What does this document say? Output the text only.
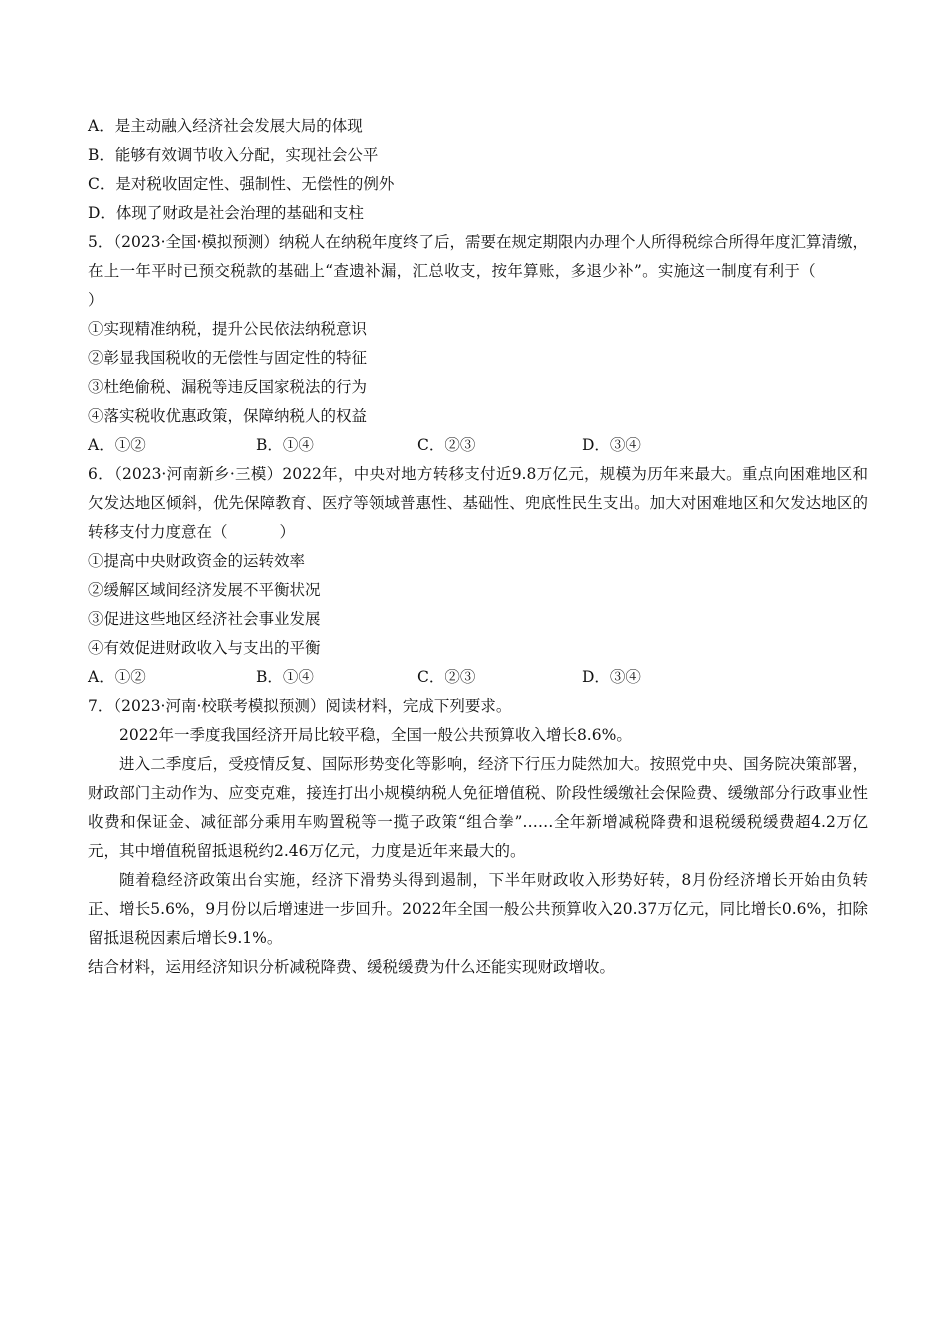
A．是主动融入经济社会发展大局的体现
B．能够有效调节收入分配，实现社会公平
C．是对税收固定性、强制性、无偿性的例外
D．体现了财政是社会治理的基础和支柱
5．（2023·全国·模拟预测）纳税人在纳税年度终了后，需要在规定期限内办理个人所得税综合所得年度汇算清缴，在上一年平时已预交税款的基础上“查遗补漏，汇总收支，按年算账，多退少补”。实施这一制度有利于（）
①实现精准纳税，提升公民依法纳税意识
②彰显我国税收的无偿性与固定性的特征
③杜绝偷税、漏税等违反国家税法的行为
④落实税收优惠政策，保障纳税人的权益
A．①②	B．①④	C．②③	D．③④
6．（2023·河南新乡·三模）2022年，中央对地方转移支付近9.8万亿元，规模为历年来最大。重点向困难地区和欠发达地区倾斜，优先保障教育、医疗等领域普惠性、基础性、兜底性民生支出。加大对困难地区和欠发达地区的转移支付力度意在（	）
①提高中央财政资金的运转效率
②缓解区域间经济发展不平衡状况
③促进这些地区经济社会事业发展
④有效促进财政收入与支出的平衡
A．①②	B．①④	C．②③	D．③④
7．（2023·河南·校联考模拟预测）阅读材料，完成下列要求。
2022年一季度我国经济开局比较平稳，全国一般公共预算收入增长8.6%。
进入二季度后，受疫情反复、国际形势变化等影响，经济下行压力陡然加大。按照党中央、国务院决策部署，财政部门主动作为、应变克难，接连打出小规模纳税人免征增值税、阶段性缓缴社会保险费、缓缴部分行政事业性收费和保证金、减征部分乘用车购置税等一揽子政策“组合拳”……全年新增减税降费和退税缓税缓费超4.2万亿元，其中增值税留抵退税约2.46万亿元，力度是近年来最大的。
随着稳经济政策出台实施，经济下滑势头得到遏制，下半年财政收入形势好转，8月份经济增长开始由负转正、增长5.6%，9月份以后增速进一步回升。2022年全国一般公共预算收入20.37万亿元，同比增长0.6%，扣除留抵退税因素后增长9.1%。
结合材料，运用经济知识分析减税降费、缓税缓费为什么还能实现财政增收。
